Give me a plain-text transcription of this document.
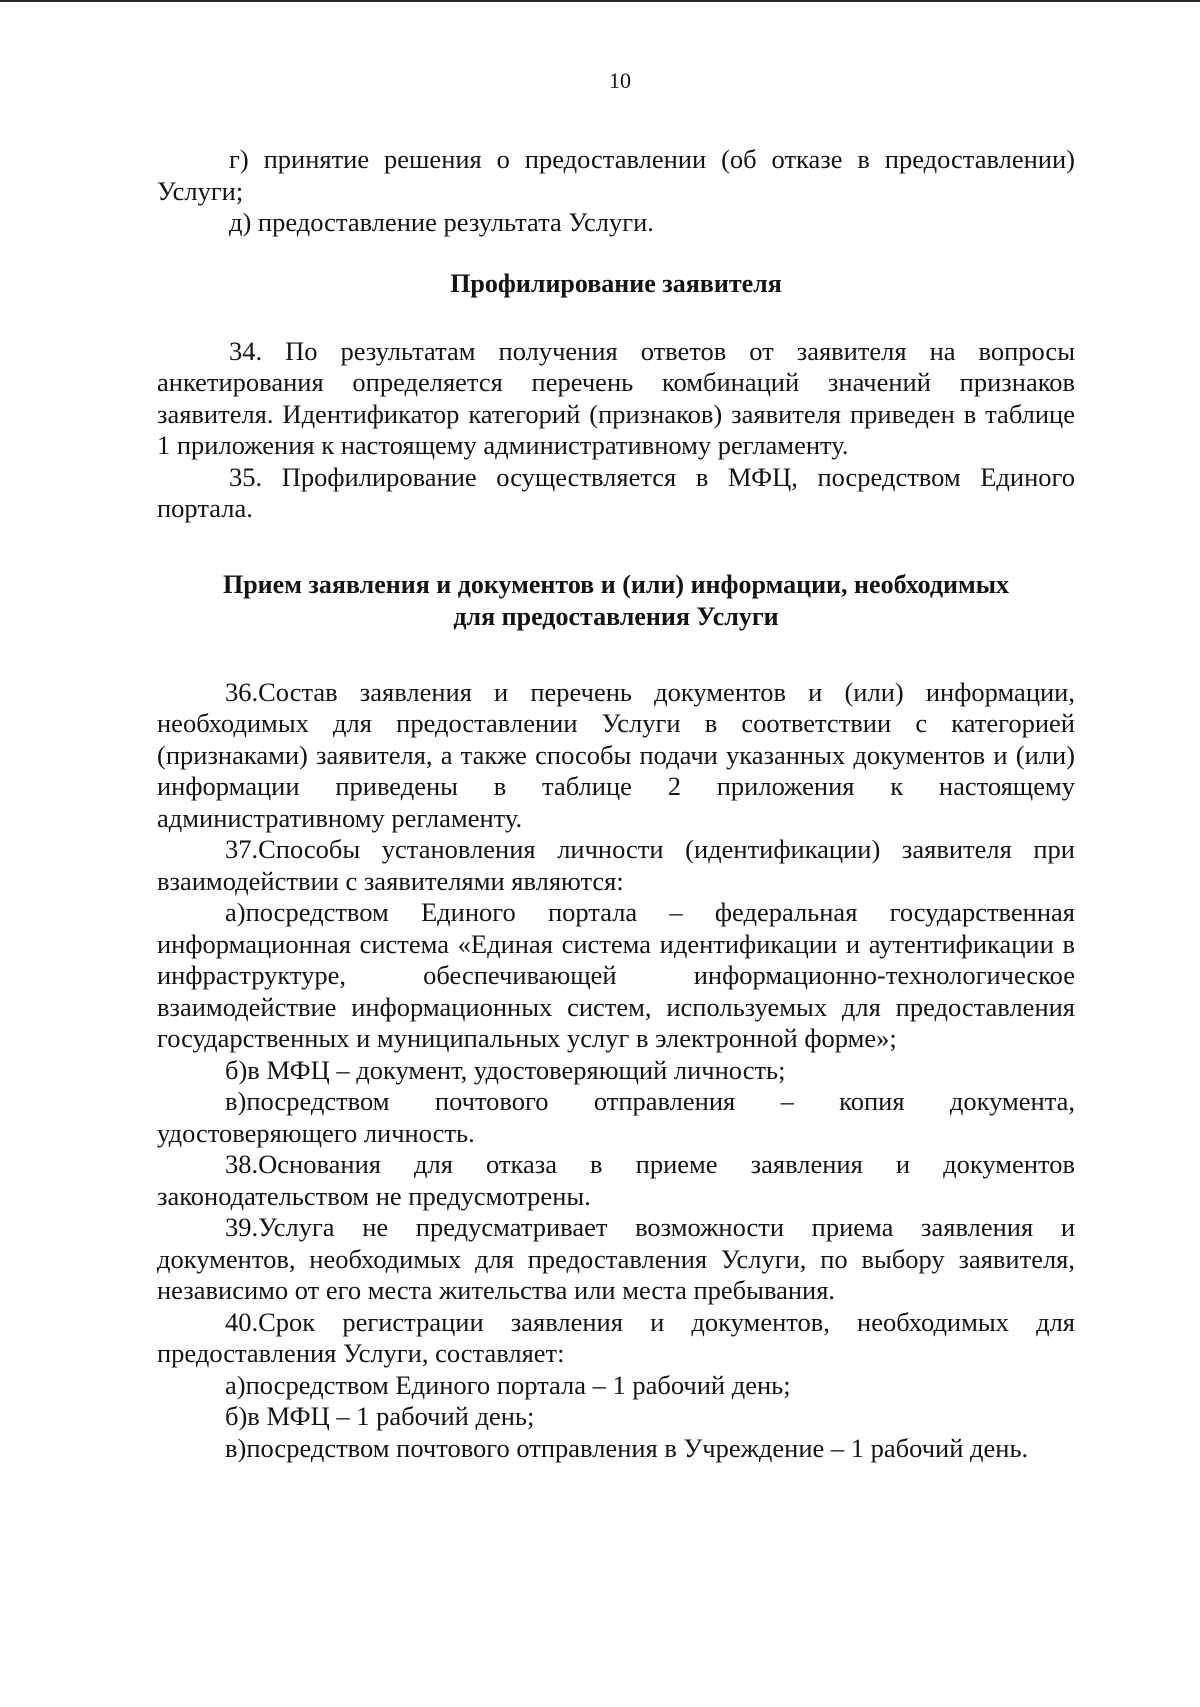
10

г) принятие решения о предоставлении (об отказе в предоставлении) Услуги;

д) предоставление результата Услуги.

Профилирование заявителя

34. По результатам получения ответов от заявителя на вопросы анкетирования определяется перечень комбинаций значений признаков заявителя. Идентификатор категорий (признаков) заявителя приведен в таблице 1 приложения к настоящему административному регламенту.

35. Профилирование осуществляется в МФЦ, посредством Единого портала.

Прием заявления и документов и (или) информации, необходимых
для предоставления Услуги

36.Состав заявления и перечень документов и (или) информации, необходимых для предоставлении Услуги в соответствии с категорией (признаками) заявителя, а также способы подачи указанных документов и (или) информации приведены в таблице 2 приложения к настоящему административному регламенту.

37.Способы установления личности (идентификации) заявителя при взаимодействии с заявителями являются:

а)посредством Единого портала – федеральная государственная информационная система «Единая система идентификации и аутентификации в инфраструктуре, обеспечивающей информационно-технологическое взаимодействие информационных систем, используемых для предоставления государственных и муниципальных услуг в электронной форме»;

б)в МФЦ – документ, удостоверяющий личность;

в)посредством почтового отправления – копия документа, удостоверяющего личность.

38.Основания для отказа в приеме заявления и документов законодательством не предусмотрены.

39.Услуга не предусматривает возможности приема заявления и документов, необходимых для предоставления Услуги, по выбору заявителя, независимо от его места жительства или места пребывания.

40.Срок регистрации заявления и документов, необходимых для предоставления Услуги, составляет:

а)посредством Единого портала – 1 рабочий день;

б)в МФЦ – 1 рабочий день;

в)посредством почтового отправления в Учреждение – 1 рабочий день.
